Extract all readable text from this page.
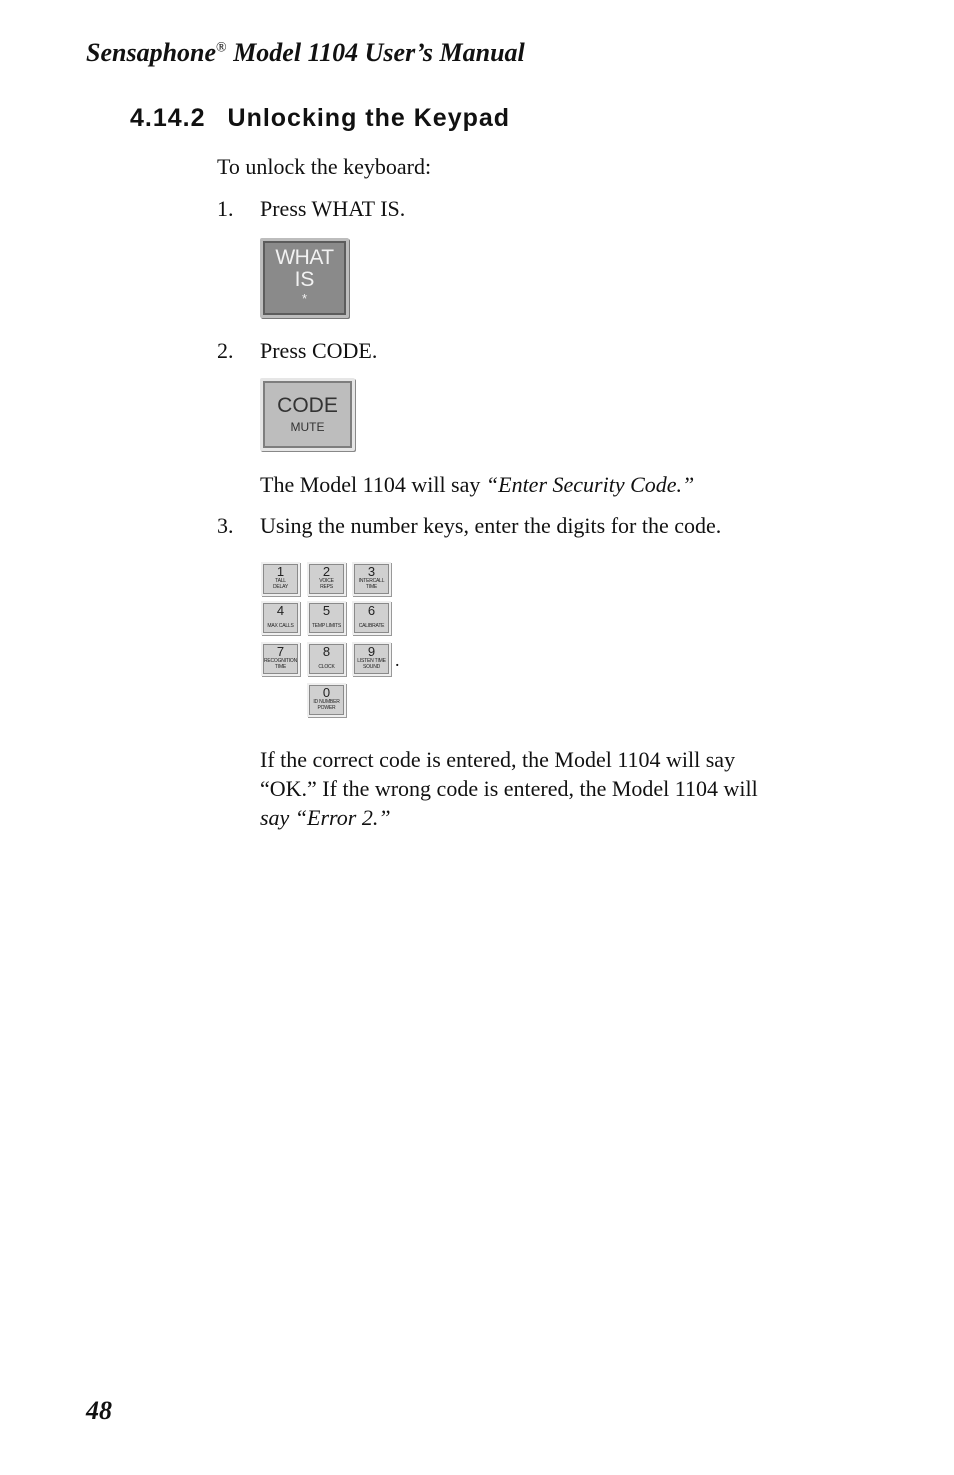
Sensaphone® Model 1104 User’s Manual
4.14.2 Unlocking the Keypad
To unlock the keyboard:
1. Press WHAT IS.
WHAT
IS
*
2. Press CODE.
CODE
MUTE
The Model 1104 will say “Enter Security Code.”
3. Using the number keys, enter the digits for the code.
1
TALL
DELAY
2
VOICE
REPS
3
INTERCALL
TIME
4
MAX CALLS
5
TEMP LIMITS
6
CALIBRATE
7
RECOGNITION
TIME
8
CLOCK
9
LISTEN TIME
SOUND .
0
ID NUMBER
POWER
If the correct code is entered, the Model 1104 will say
“OK.” If the wrong code is entered, the Model 1104 will
say “Error 2.”
48
